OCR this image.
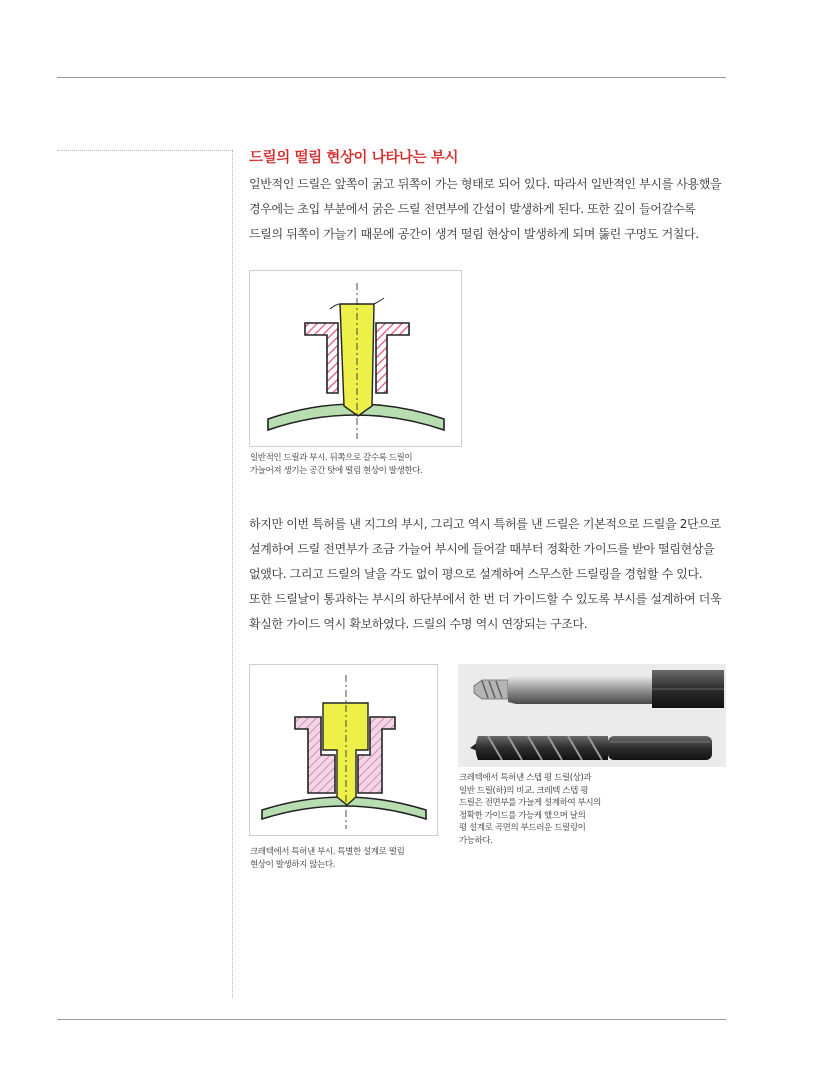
드릴의 떨림 현상이 나타나는 부시

일반적인 드릴은 앞쪽이 굵고 뒤쪽이 가는 형태로 되어 있다. 따라서 일반적인 부시를 사용했을
경우에는 초입 부분에서 굵은 드릴 전면부에 간섭이 발생하게 된다. 또한 깊이 들어갈수록
드릴의 뒤쪽이 가늘기 때문에 공간이 생겨 떨림 현상이 발생하게 되며 뚫린 구멍도 거칠다.

일반적인 드릴과 부시. 뒤쪽으로 갈수록 드릴이
가늘어져 생기는 공간 탓에 떨림 현상이 발생한다.

하지만 이번 특허를 낸 지그의 부시, 그리고 역시 특허를 낸 드릴은 기본적으로 드릴을 2단으로
설계하여 드릴 전면부가 조금 가늘어 부시에 들어갈 때부터 정확한 가이드를 받아 떨림현상을
없앴다. 그리고 드릴의 날을 각도 없이 평으로 설계하여 스무스한 드릴링을 경험할 수 있다.
또한 드릴날이 통과하는 부시의 하단부에서 한 번 더 가이드할 수 있도록 부시를 설계하여 더욱
확실한 가이드 역시 확보하였다. 드릴의 수명 역시 연장되는 구조다.

크레텍에서 특허낸 부시. 특별한 설계로 떨림
현상이 발생하지 않는다.

크레텍에서 특허낸 스텝 평 드릴(상)과
일반 드릴(하)의 비교. 크레텍 스텝 평
드릴은 전면부를 가늘게 설계하여 부시의
정확한 가이드를 가능케 했으며 날의
평 설계로 곡면의 부드러운 드릴링이
가능하다.
